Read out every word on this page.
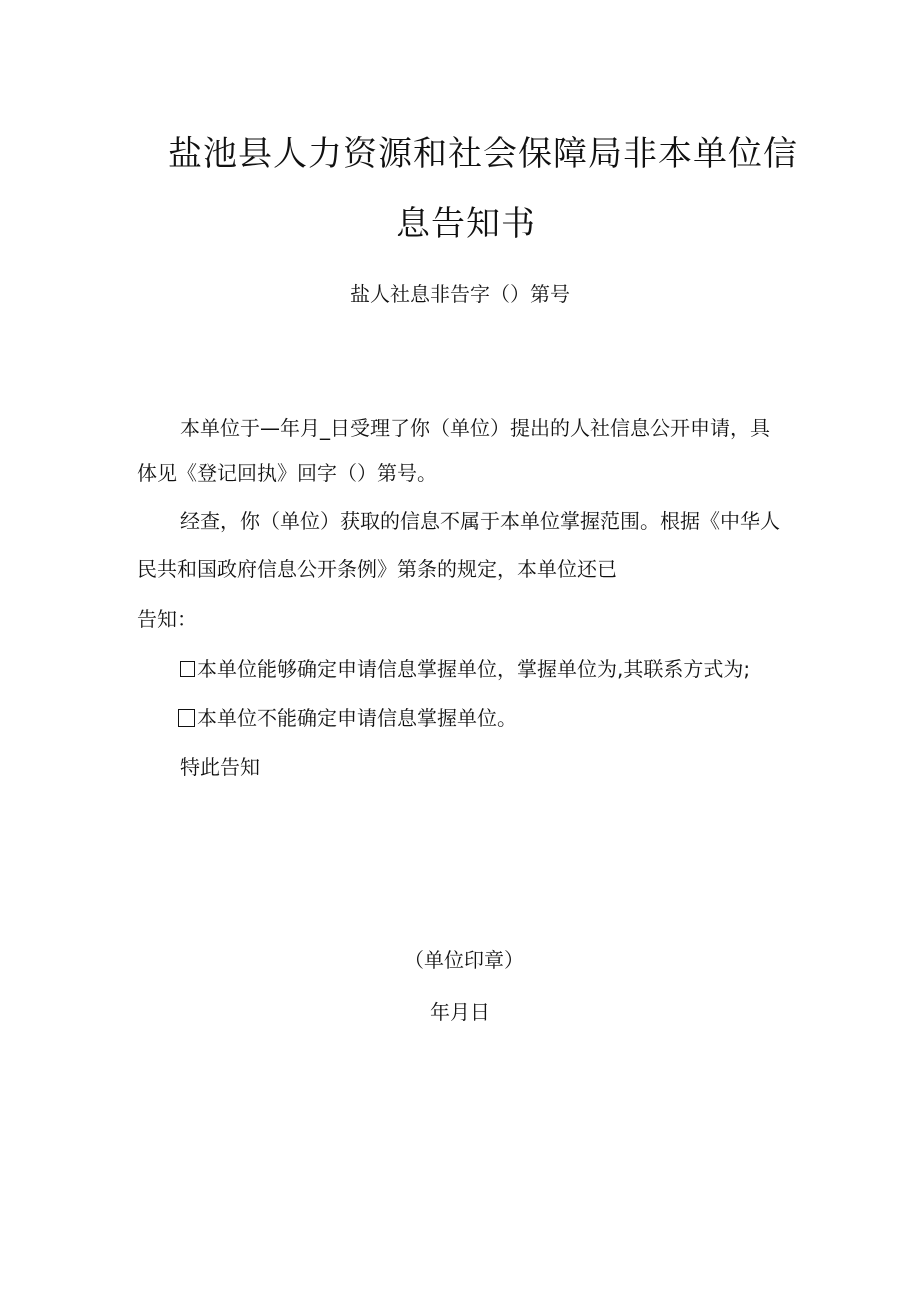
盐池县人力资源和社会保障局非本单位信
息告知书
盐人社息非告字（）第号
本单位于—年月_日受理了你（单位）提出的人社信息公开申请，具
体见《登记回执》回字（）第号。
经查，你（单位）获取的信息不属于本单位掌握范围。根据《中华人
民共和国政府信息公开条例》第条的规定，本单位还已
告知：
本单位能够确定申请信息掌握单位，掌握单位为,其联系方式为;
本单位不能确定申请信息掌握单位。
特此告知
（单位印章）
年月日
